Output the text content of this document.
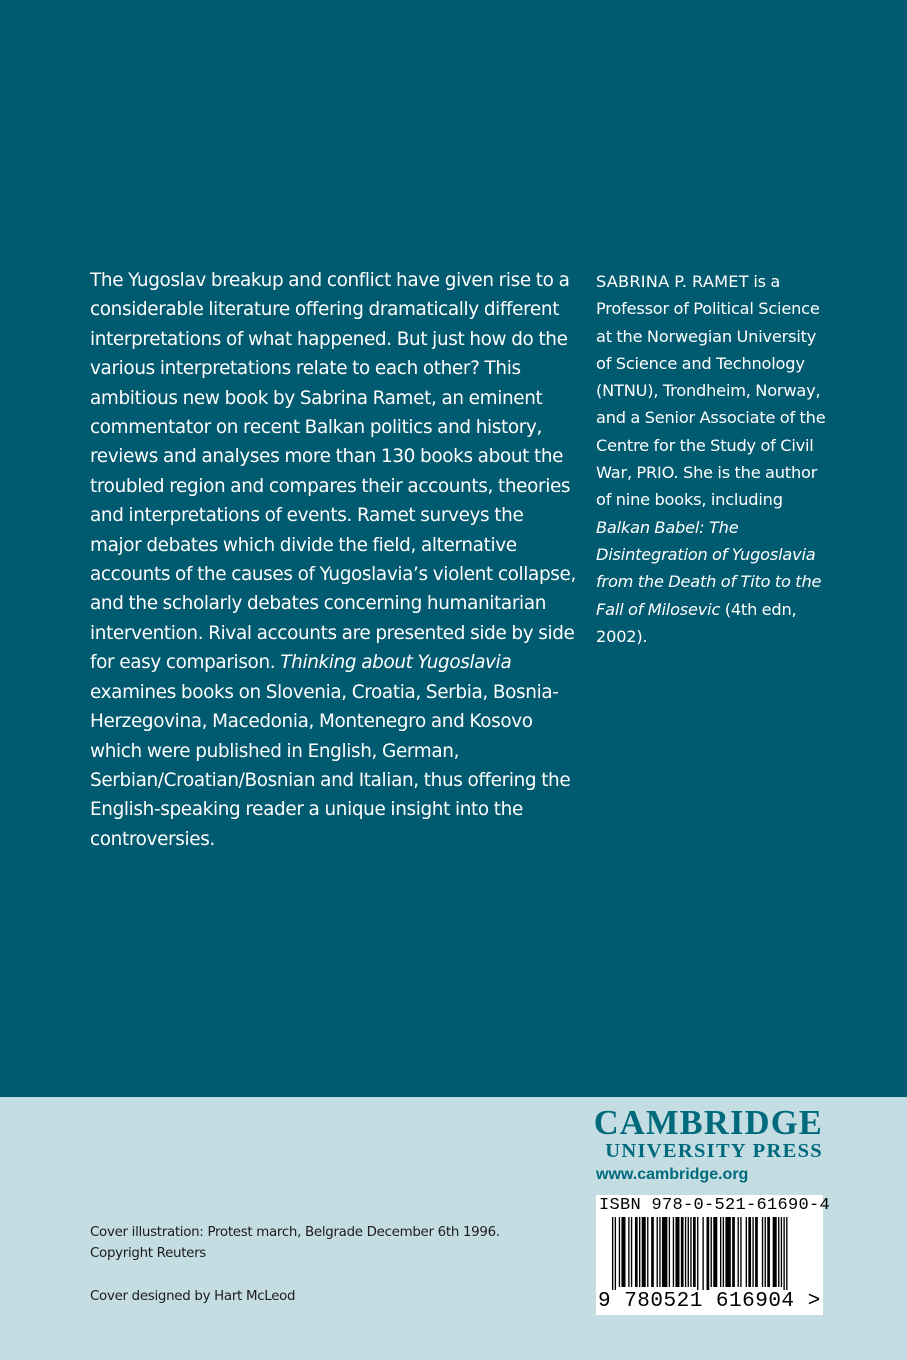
The Yugoslav breakup and conflict have given rise to a considerable literature offering dramatically different interpretations of what happened. But just how do the various interpretations relate to each other? This ambitious new book by Sabrina Ramet, an eminent commentator on recent Balkan politics and history, reviews and analyses more than 130 books about the troubled region and compares their accounts, theories and interpretations of events. Ramet surveys the major debates which divide the field, alternative accounts of the causes of Yugoslavia’s violent collapse, and the scholarly debates concerning humanitarian intervention. Rival accounts are presented side by side for easy comparison. Thinking about Yugoslavia examines books on Slovenia, Croatia, Serbia, Bosnia-Herzegovina, Macedonia, Montenegro and Kosovo which were published in English, German, Serbian/Croatian/Bosnian and Italian, thus offering the English-speaking reader a unique insight into the controversies.
SABRINA P. RAMET is a Professor of Political Science at the Norwegian University of Science and Technology (NTNU), Trondheim, Norway, and a Senior Associate of the Centre for the Study of Civil War, PRIO. She is the author of nine books, including Balkan Babel: The Disintegration of Yugoslavia from the Death of Tito to the Fall of Milosevic (4th edn, 2002).
CAMBRIDGE
UNIVERSITY PRESS
www.cambridge.org
Cover illustration: Protest march, Belgrade December 6th 1996.
Copyright Reuters
Cover designed by Hart McLeod
ISBN 978-0-521-61690-4
9 780521 616904 >
